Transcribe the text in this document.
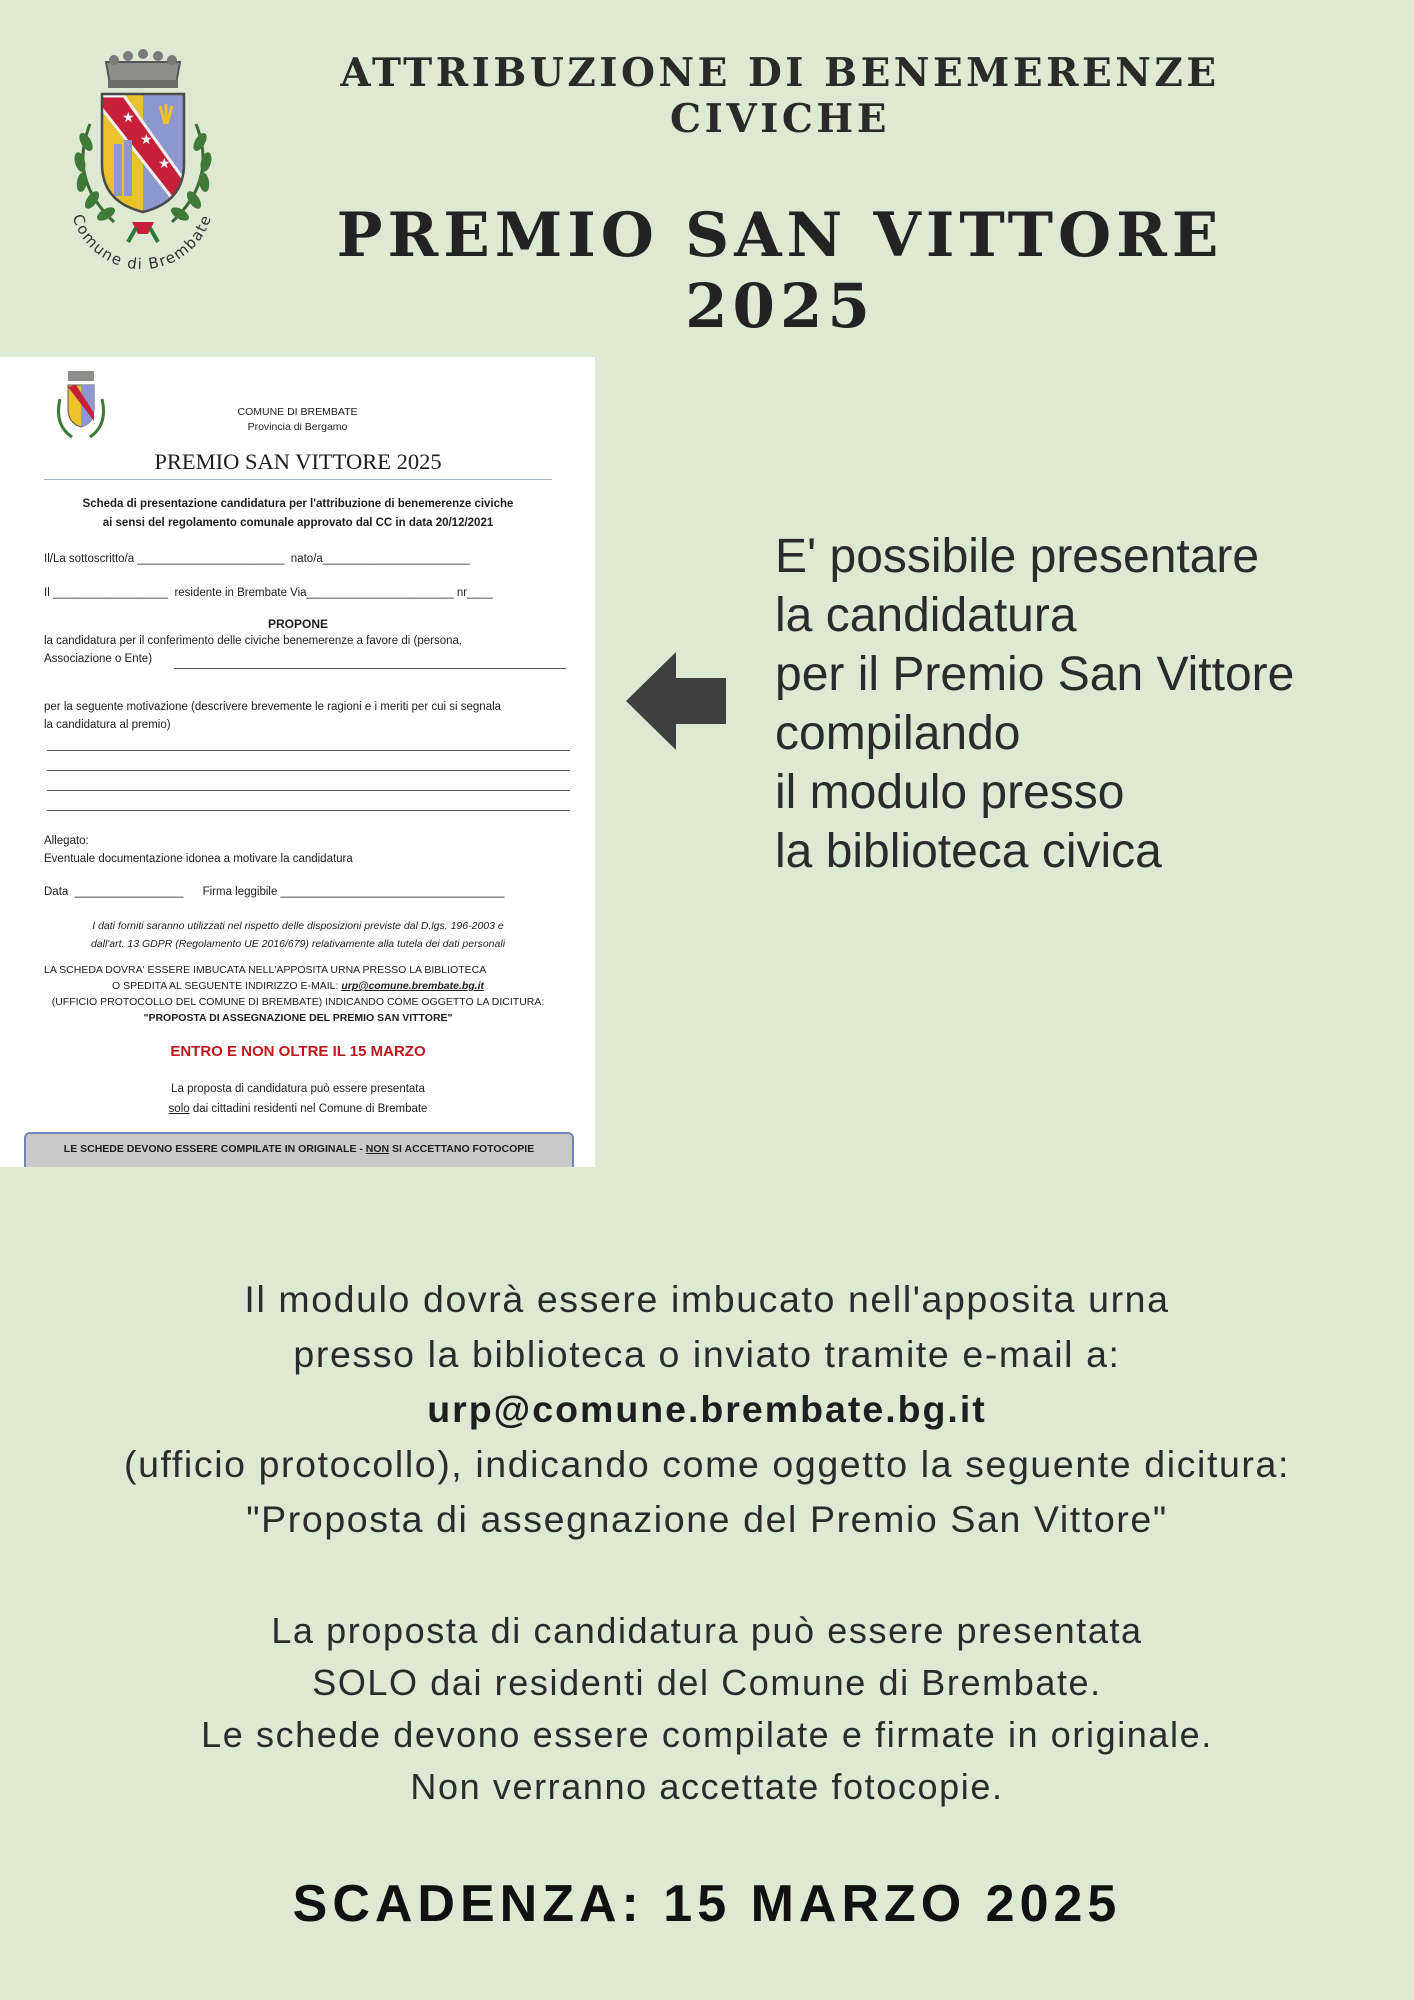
★
★
★
Comune di Brembate
ATTRIBUZIONE DI BENEMERENZE CIVICHE
PREMIO SAN VITTORE 2025
COMUNE DI BREMBATE
Provincia di Bergamo
PREMIO SAN VITTORE 2025
Scheda di presentazione candidatura per l'attribuzione di benemerenze civiche
ai sensi del regolamento comunale approvato dal CC in data 20/12/2021
Il/La sottoscritto/a _______________________  nato/a_______________________
Il __________________  residente in Brembate Via_______________________ nr____
PROPONE
la candidatura per il conferimento delle civiche benemerenze a favore di (persona,
Associazione o Ente)
per la seguente motivazione (descrivere brevemente le ragioni e i meriti per cui si segnala
la candidatura al premio)
Allegato:
Eventuale documentazione idonea a motivare la candidatura
Data  _________________      Firma leggibile ___________________________________
I dati forniti saranno utilizzati nel rispetto delle disposizioni previste dal D.lgs. 196-2003 e
dall'art. 13 GDPR (Regolamento UE 2016/679) relativamente alla tutela dei dati personali
LA SCHEDA DOVRA' ESSERE IMBUCATA NELL'APPOSITA URNA PRESSO LA BIBLIOTECA
O SPEDITA AL SEGUENTE INDIRIZZO E-MAIL: urp@comune.brembate.bg.it
(UFFICIO PROTOCOLLO DEL COMUNE DI BREMBATE) INDICANDO COME OGGETTO LA DICITURA:
"PROPOSTA DI ASSEGNAZIONE DEL PREMIO SAN VITTORE"
ENTRO E NON OLTRE IL 15 MARZO
La proposta di candidatura può essere presentata
solo dai cittadini residenti nel Comune di Brembate
LE SCHEDE DEVONO ESSERE COMPILATE IN ORIGINALE - NON SI ACCETTANO FOTOCOPIE
E' possibile presentare
la candidatura
per il Premio San Vittore
compilando
il modulo presso
la biblioteca civica
Il modulo dovrà essere imbucato nell'apposita urna
presso la biblioteca o inviato tramite e-mail a:
urp@comune.brembate.bg.it
(ufficio protocollo), indicando come oggetto la seguente dicitura:
"Proposta di assegnazione del Premio San Vittore"
La proposta di candidatura può essere presentata
SOLO dai residenti del Comune di Brembate.
Le schede devono essere compilate e firmate in originale.
Non verranno accettate fotocopie.
SCADENZA: 15 MARZO 2025
